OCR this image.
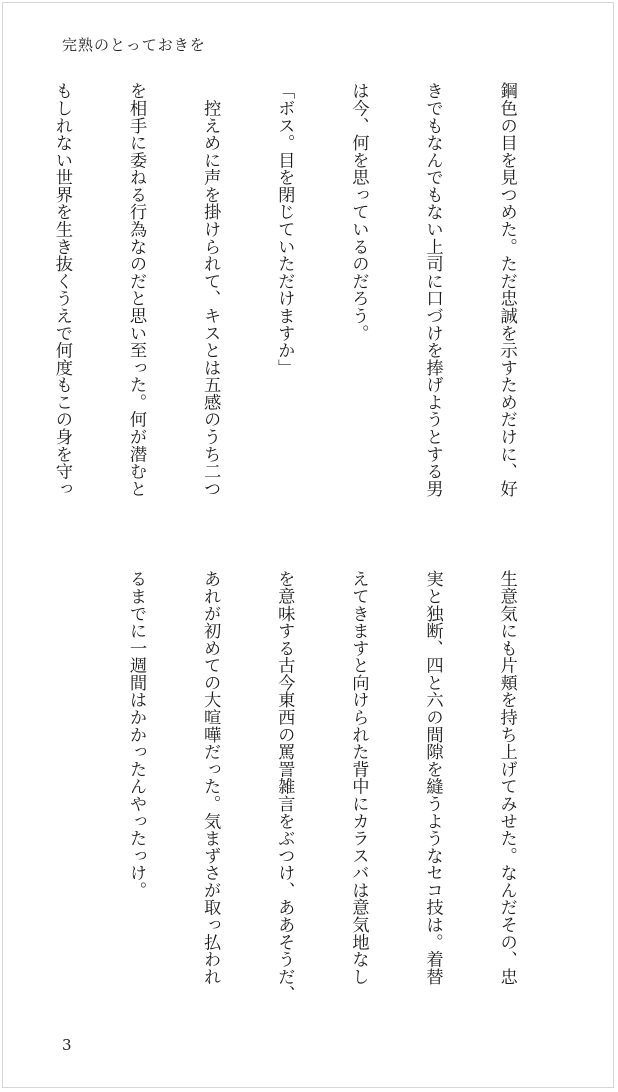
完熟のとっておきを

鋼色の目を見つめた。ただ忠誠を示すためだけに、好

きでもなんでもない上司に口づけを捧げようとする男

は今、何を思っているのだろう。

「ボス。目を閉じていただけますか」

　控えめに声を掛けられて、キスとは五感のうち二つ

を相手に委ねる行為なのだと思い至った。何が潜むと

もしれない世界を生き抜くうえで何度もこの身を守っ

生意気にも片頬を持ち上げてみせた。なんだその、忠

実と独断、四と六の間隙を縫うようなセコ技は。着替

えてきますと向けられた背中にカラスバは意気地なし

を意味する古今東西の罵詈雑言をぶつけ、ああそうだ、

あれが初めての大喧嘩だった。気まずさが取っ払われ

るまでに一週間はかかったんやったっけ。

3
